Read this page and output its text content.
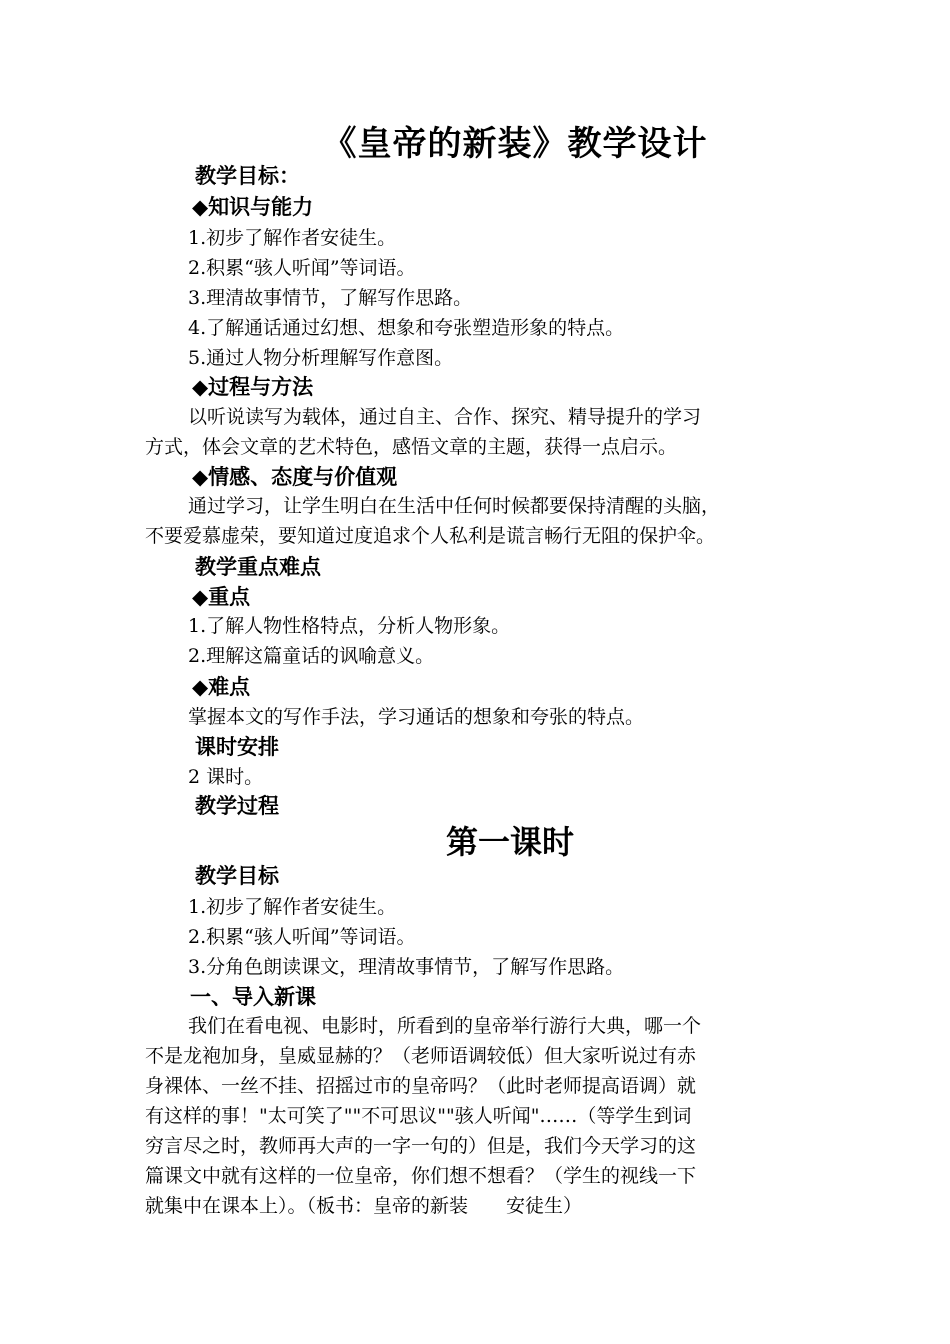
《皇帝的新装》教学设计
教学目标：
◆知识与能力
1.初步了解作者安徒生。
2.积累“骇人听闻”等词语。
3.理清故事情节，了解写作思路。
4.了解通话通过幻想、想象和夸张塑造形象的特点。
5.通过人物分析理解写作意图。
◆过程与方法
以听说读写为载体，通过自主、合作、探究、精导提升的学习
方式，体会文章的艺术特色，感悟文章的主题，获得一点启示。
◆情感、态度与价值观
通过学习，让学生明白在生活中任何时候都要保持清醒的头脑，
不要爱慕虚荣，要知道过度追求个人私利是谎言畅行无阻的保护伞。
教学重点难点
◆重点
1.了解人物性格特点，分析人物形象。
2.理解这篇童话的讽喻意义。
◆难点
掌握本文的写作手法，学习通话的想象和夸张的特点。
课时安排
2 课时。
教学过程
第一课时
教学目标
1.初步了解作者安徒生。
2.积累“骇人听闻”等词语。
3.分角色朗读课文，理清故事情节，了解写作思路。
一、导入新课
我们在看电视、电影时，所看到的皇帝举行游行大典，哪一个
不是龙袍加身，皇威显赫的？（老师语调较低）但大家听说过有赤
身裸体、一丝不挂、招摇过市的皇帝吗？（此时老师提高语调）就
有这样的事！"太可笑了""不可思议""骇人听闻"……（等学生到词
穷言尽之时，教师再大声的一字一句的）但是，我们今天学习的这
篇课文中就有这样的一位皇帝，你们想不想看？（学生的视线一下
就集中在课本上）。（板书：皇帝的新装　　安徒生）
